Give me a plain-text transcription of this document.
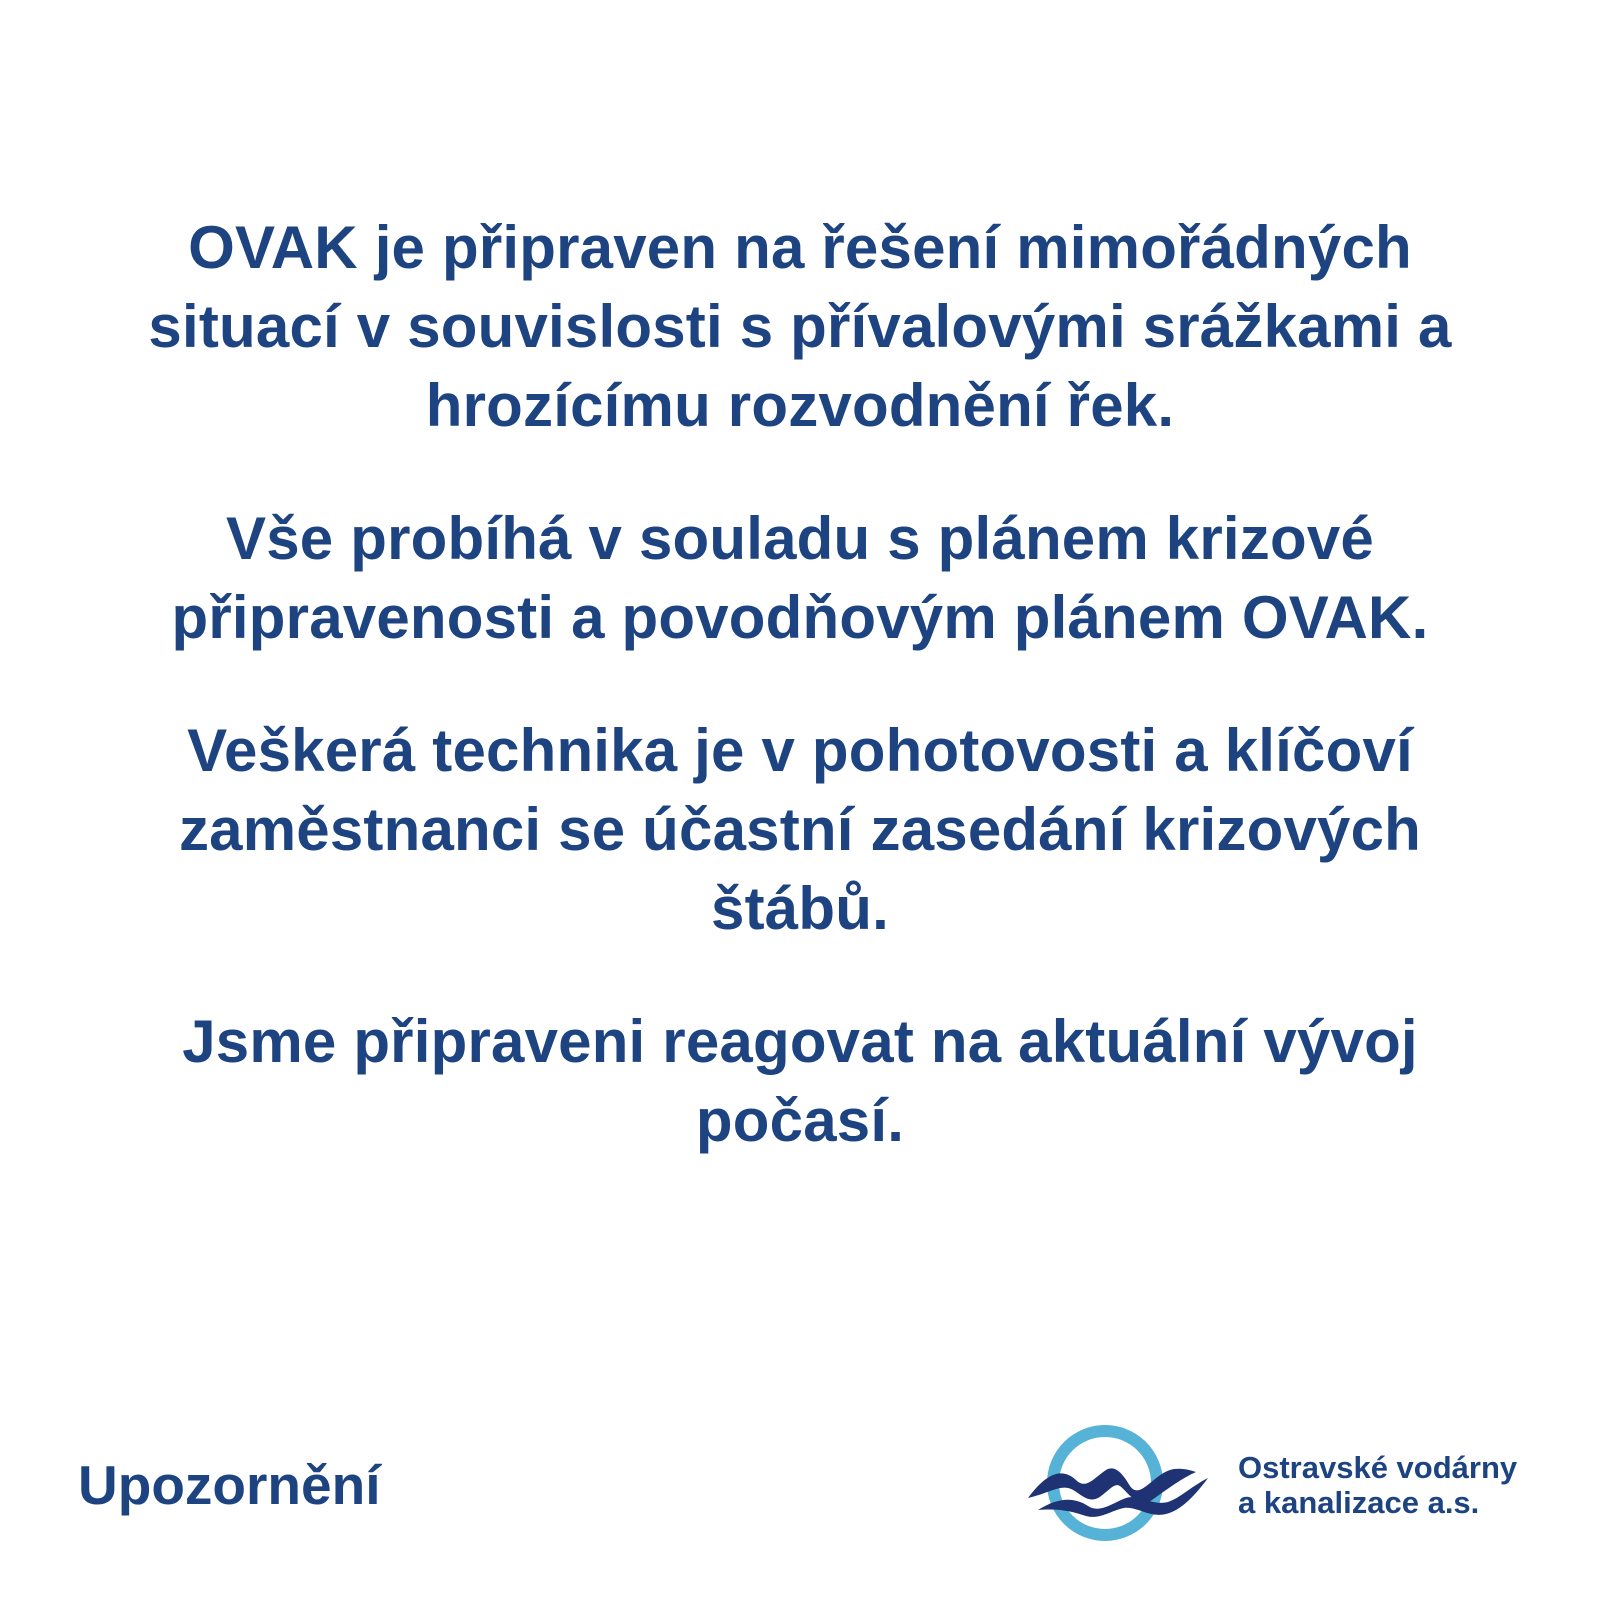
OVAK je připraven na řešení mimořádných
situací v souvislosti s přívalovými srážkami a
hrozícímu rozvodnění řek.

Vše probíhá v souladu s plánem krizové
připravenosti a povodňovým plánem OVAK.

Veškerá technika je v pohotovosti a klíčoví
zaměstnanci se účastní zasedání krizových
štábů.

Jsme připraveni reagovat na aktuální vývoj
počasí.

Upozornění	Ostravské vodárny
a kanalizace a.s.
